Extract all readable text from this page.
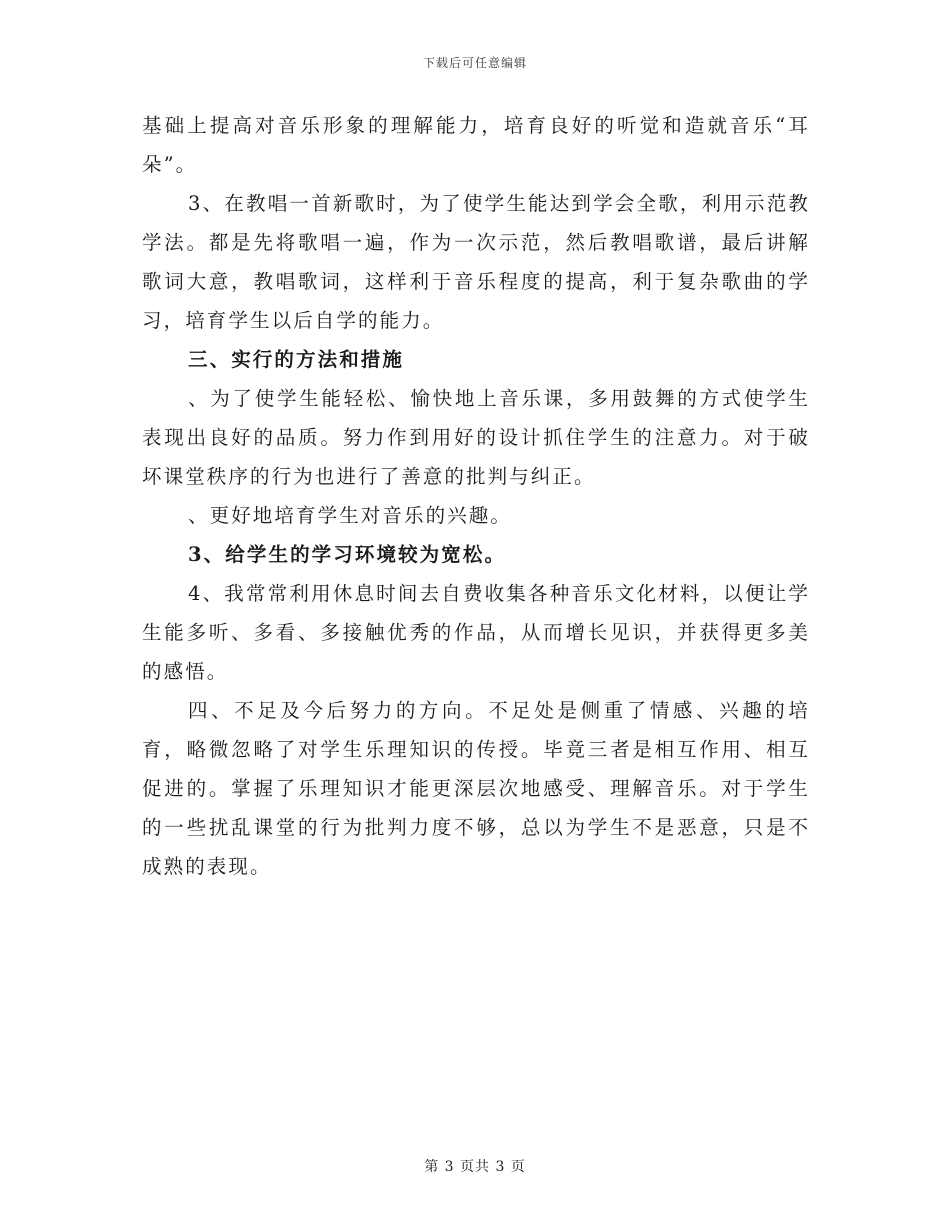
下载后可任意编辑

基础上提高对音乐形象的理解能力，培育良好的听觉和造就音乐“耳朵”。

3、在教唱一首新歌时，为了使学生能达到学会全歌，利用示范教学法。都是先将歌唱一遍，作为一次示范，然后教唱歌谱，最后讲解歌词大意，教唱歌词，这样利于音乐程度的提高，利于复杂歌曲的学习，培育学生以后自学的能力。

三、实行的方法和措施

、为了使学生能轻松、愉快地上音乐课，多用鼓舞的方式使学生表现出良好的品质。努力作到用好的设计抓住学生的注意力。对于破坏课堂秩序的行为也进行了善意的批判与纠正。

、更好地培育学生对音乐的兴趣。

3、给学生的学习环境较为宽松。

4、我常常利用休息时间去自费收集各种音乐文化材料，以便让学生能多听、多看、多接触优秀的作品，从而增长见识，并获得更多美的感悟。

四、不足及今后努力的方向。不足处是侧重了情感、兴趣的培育，略微忽略了对学生乐理知识的传授。毕竟三者是相互作用、相互促进的。掌握了乐理知识才能更深层次地感受、理解音乐。对于学生的一些扰乱课堂的行为批判力度不够，总以为学生不是恶意，只是不成熟的表现。

第 3 页共 3 页
